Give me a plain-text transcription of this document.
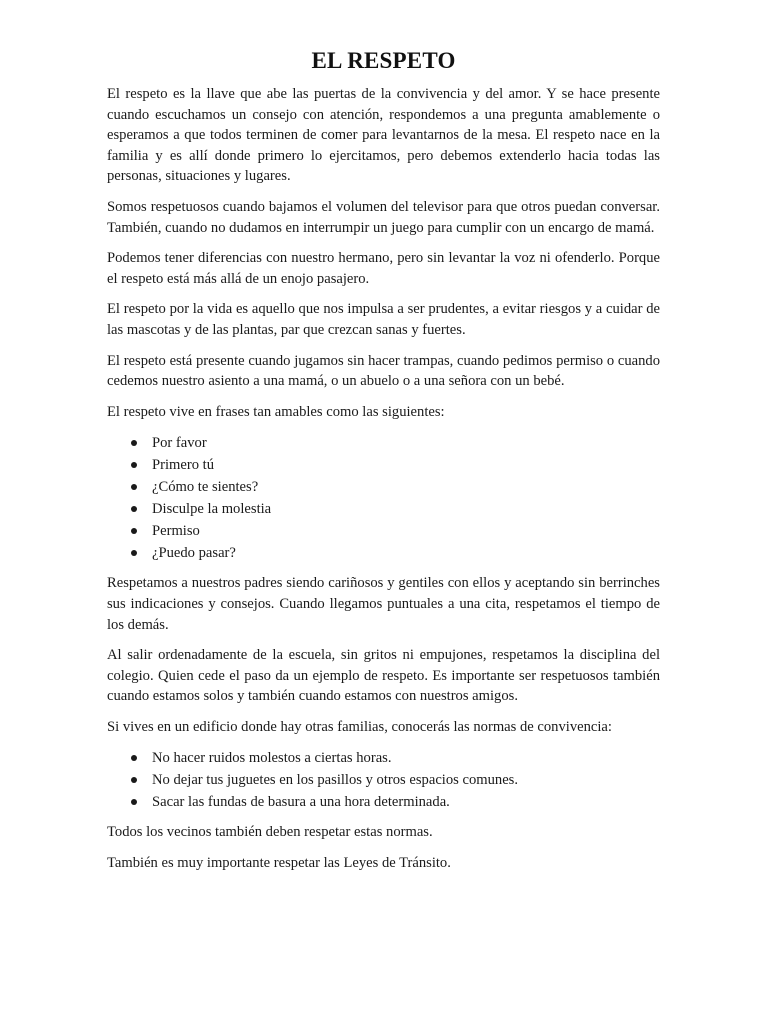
EL RESPETO

El respeto es la llave que abe las puertas de la convivencia y del amor. Y se hace presente cuando escuchamos un consejo con atención, respondemos a una pregunta amablemente o esperamos a que todos terminen de comer para levantarnos de la mesa. El respeto nace en la familia y es allí donde primero lo ejercitamos, pero debemos extenderlo hacia todas las personas, situaciones y lugares.

Somos respetuosos cuando bajamos el volumen del televisor para que otros puedan conversar. También, cuando no dudamos en interrumpir un juego para cumplir con un encargo de mamá.

Podemos tener diferencias con nuestro hermano, pero sin levantar la voz ni ofenderlo. Porque el respeto está más allá de un enojo pasajero.

El respeto por la vida es aquello que nos impulsa a ser prudentes, a evitar riesgos y a cuidar de las mascotas y de las plantas, par que crezcan sanas y fuertes.

El respeto está presente cuando jugamos sin hacer trampas, cuando pedimos permiso o cuando cedemos nuestro asiento a una mamá, o un abuelo o a una señora con un bebé.

El respeto vive en frases tan amables como las siguientes:

Por favor
Primero tú
¿Cómo te sientes?
Disculpe la molestia
Permiso
¿Puedo pasar?

Respetamos a nuestros padres siendo cariñosos y gentiles con ellos y aceptando sin berrinches sus indicaciones y consejos. Cuando llegamos puntuales a una cita, respetamos el tiempo de los demás.

Al salir ordenadamente de la escuela, sin gritos ni empujones, respetamos la disciplina del colegio. Quien cede el paso da un ejemplo de respeto. Es importante ser respetuosos también cuando estamos solos y también cuando estamos con nuestros amigos.

Si vives en un edificio donde hay otras familias, conocerás las normas de convivencia:

No hacer ruidos molestos a ciertas horas.
No dejar tus juguetes en los pasillos y otros espacios comunes.
Sacar las fundas de basura a una hora determinada.

Todos los vecinos también deben respetar estas normas.

También es muy importante respetar las Leyes de Tránsito.
